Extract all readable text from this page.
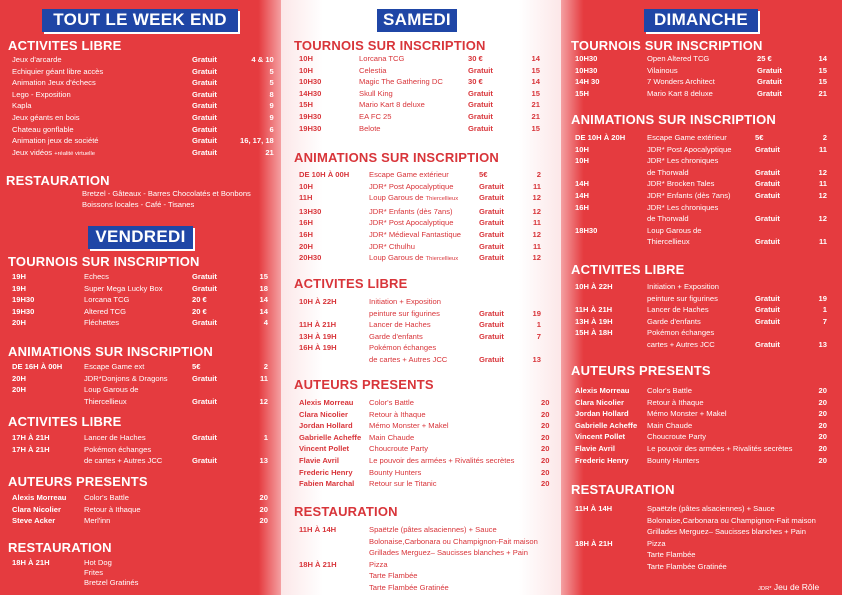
TOUT LE WEEK END
ACTIVITES LIBRE
Jeux d'arcarde	Gratuit	4 & 10
Echiquier géant libre accès	Gratuit	5
Animation Jeux d'échecs	Gratuit	5
Lego - Exposition	Gratuit	8
Kapla	Gratuit	9
Jeux géants en bois	Gratuit	9
Chateau gonflable	Gratuit	6
Animation jeux de société	Gratuit	16, 17, 18
Jeux vidéos +réalité virtuelle	Gratuit	21
RESTAURATION
Bretzel - Gâteaux - Barres Chocolatés et Bonbons
Boissons locales - Café - Tisanes
VENDREDI
TOURNOIS SUR INSCRIPTION
19H	Echecs	Gratuit	15
19H	Super Mega Lucky Box	Gratuit	18
19H30	Lorcana TCG	20 €	14
19H30	Altered TCG	20 €	14
20H	Fléchettes	Gratuit	4
ANIMATIONS SUR INSCRIPTION
DE 16H À 00H	Escape Game ext	5€	2
20H	JDR*Donjons & Dragons	Gratuit	11
20H	Loup Garous de		
	Thiercellieux	Gratuit	12
ACTIVITES LIBRE
17H À 21H	Lancer de Haches	Gratuit	1
17H À 21H	Pokémon échanges		
	de cartes + Autres JCC	Gratuit	13
AUTEURS PRESENTS
Alexis Morreau	Color's Battle	20
Clara Nicolier	Retour à Ithaque	20
Steve Acker	Merl'inn	20
RESTAURATION
18H À 21H	Hot Dog
Frites
Bretzel Gratinés
SAMEDI
TOURNOIS SUR INSCRIPTION
10H	Lorcana TCG	30 €	14
10H	Celestia	Gratuit	15
10H30	Magic The Gathering DC	30 €	14
14H30	Skull King	Gratuit	15
15H	Mario Kart 8 deluxe	Gratuit	21
19H30	EA FC 25	Gratuit	21
19H30	Belote	Gratuit	15
ANIMATIONS SUR INSCRIPTION
DE 10H À 00H	Escape Game extérieur	5€	2
10H	JDR* Post Apocalyptique	Gratuit	11
11H	Loup Garous de Thiercellieux	Gratuit	12
13H30	JDR* Enfants (dès 7ans)	Gratuit	12
16H	JDR* Post Apocalyptique	Gratuit	11
16H	JDR* Médieval Fantastique	Gratuit	12
20H	JDR* Cthulhu	Gratuit	11
20H30	Loup Garous de Thiercellieux	Gratuit	12
ACTIVITES LIBRE
10H À 22H	Initiation + Exposition		
	peinture sur figurines	Gratuit	19
11H À 21H	Lancer de Haches	Gratuit	1
13H À 19H	Garde d'enfants	Gratuit	7
16H À 19H	Pokémon échanges		
	de cartes + Autres JCC	Gratuit	13
AUTEURS PRESENTS
Alexis Morreau	Color's Battle	20
Clara Nicolier	Retour à Ithaque	20
Jordan Hollard	Mémo Monster + Makel	20
Gabrielle Acheffe	Main Chaude	20
Vincent Pollet	Choucroute Party	20
Flavie Avril	Le pouvoir des armées + Rivalités secrètes	20
Frederic Henry	Bounty Hunters	20
Fabien Marchal	Retour sur le Titanic	20
RESTAURATION
11H À 14H	Spaëtzle (pâtes alsaciennes) + Sauce
	Bolonaise,Carbonara ou Champignon-Fait maison
	Grillades Merguez– Saucisses blanches + Pain
18H À 21H	Pizza
	Tarte Flambée
	Tarte Flambée Gratinée
DIMANCHE
TOURNOIS SUR INSCRIPTION
10H30	Open Altered TCG	25 €	14
10H30	Vilainous	Gratuit	15
14H 30	7 Wonders Architect	Gratuit	15
15H	Mario Kart 8 deluxe	Gratuit	21
ANIMATIONS SUR INSCRIPTION
DE 10H À 20H	Escape Game extérieur	5€	2
10H	JDR* Post Apocalyptique	Gratuit	11
10H	JDR* Les chroniques		
	de Thorwald	Gratuit	12
14H	JDR* Brocken Tales	Gratuit	11
14H	JDR* Enfants (dès 7ans)	Gratuit	12
16H	JDR* Les chroniques		
	de Thorwald	Gratuit	12
18H30	Loup Garous de		
	Thiercellieux	Gratuit	11
ACTIVITES LIBRE
10H À 22H	Initiation + Exposition		
	peinture sur figurines	Gratuit	19
11H À 21H	Lancer de Haches	Gratuit	1
13H À 19H	Garde d'enfants	Gratuit	7
15H À 18H	Pokémon échanges		
	cartes + Autres JCC	Gratuit	13
AUTEURS PRESENTS
Alexis Morreau	Color's Battle	20
Clara Nicolier	Retour à Ithaque	20
Jordan Hollard	Mémo Monster + Makel	20
Gabrielle Acheffe	Main Chaude	20
Vincent Pollet	Choucroute Party	20
Flavie Avril	Le pouvoir des armées + Rivalités secrètes	20
Frederic Henry	Bounty Hunters	20
RESTAURATION
11H À 14H	Spaëtzle (pâtes alsaciennes) + Sauce
	Bolonaise,Carbonara ou Champignon-Fait maison
	Grillades Merguez– Saucisses blanches + Pain
18H À 21H	Pizza
	Tarte Flambée
	Tarte Flambée Gratinée
JDR* Jeu de Rôle
